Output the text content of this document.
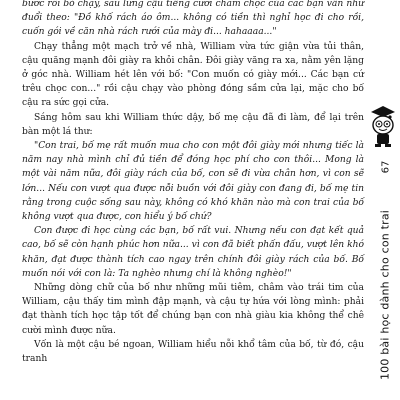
bước rồi bỏ chạy, sau lưng cậu tiếng cười châm chọc của các bạn vẫn như đuổi theo: "Đồ khố rách áo ôm... không có tiền thì nghỉ học đi cho rồi, cuốn gói về căn nhà rách rưới của mày đi... hahaaaa..."

Chạy thẳng một mạch trở về nhà, William vừa tức giận vừa tủi thân, cậu quăng mạnh đôi giày ra khỏi chân. Đôi giày văng ra xa, nằm yên lặng ở góc nhà. William hét lên với bố: "Con muốn có giày mới... Các bạn cứ trêu chọc con..." rồi cậu chạy vào phòng đóng sầm cửa lại, mặc cho bố cậu ra sức gọi cửa.

Sáng hôm sau khi William thức dậy, bố mẹ cậu đã đi làm, để lại trên bàn một lá thư:

"Con trai, bố mẹ rất muốn mua cho con một đôi giày mới nhưng tiếc là năm nay nhà mình chỉ đủ tiền để đóng học phí cho con thôi... Mong là một vài năm nữa, đôi giày rách của bố, con sẽ đi vừa chân hơn, vì con sẽ lớn... Nếu con vượt qua được nỗi buồn với đôi giày con đang đi, bố mẹ tin rằng trong cuộc sống sau này, không có khó khăn nào mà con trai của bố không vượt qua được, con hiểu ý bố chứ?

Con được đi học cùng các bạn, bố rất vui. Nhưng nếu con đạt kết quả cao, bố sẽ còn hạnh phúc hơn nữa... vì con đã biết phấn đấu, vượt lên khó khăn, đạt được thành tích cao ngay trên chính đôi giày rách của bố. Bố muốn nói với con là: Ta nghèo nhưng chí là không nghèo!"

Những dòng chữ của bố như những mũi tiêm, châm vào trái tim của William, cậu thấy tim mình đập mạnh, và cậu tự hứa với lòng mình: phải đạt thành tích học tập tốt để chúng bạn con nhà giàu kia không thể chê cười mình được nữa.

Vốn là một cậu bé ngoan, William hiểu nỗi khổ tâm của bố, từ đó, cậu tranh

67
100 bài học dành cho con trai
